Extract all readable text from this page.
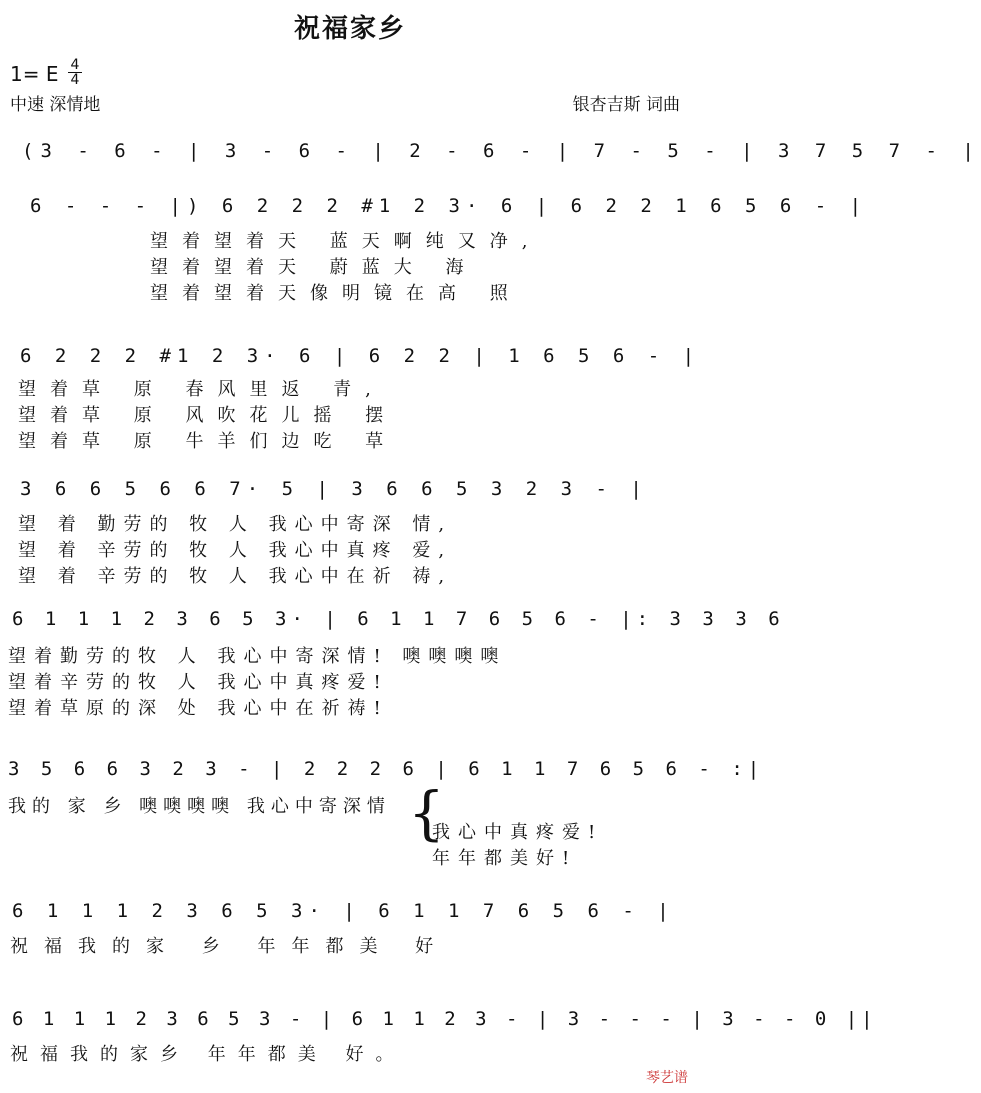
祝福家乡
1= E $\frac{4}{4}$
中速 深情地	银杏吉斯 词曲
(3 - 6 - | 3 - 6 - | 2 - 6 - | 7 - 5 - | 3 7 5 7 - |
6 - - - |) 6 2 2 2 #1 2 3· 6 | 6 2 2 1 6 5 6 - |
望着望着天 蓝天啊纯又净,
望着望着天 蔚蓝大 海
望着望着天像明镜在高 照
6 2 2 2 #1 2 3· 6 | 6 2 2 | 1 6 5 6 - |
望着草 原 春风里返 青,
望着草 原 风吹花儿摇 摆
望着草 原 牛羊们边吃 草
3 6 6 5 6 6 7· 5 | 3 6 6 5 3 2 3 - |
望 着 勤劳的 牧 人 我心中寄深 情,
望 着 辛劳的 牧 人 我心中真疼 爱,
望 着 辛劳的 牧 人 我心中在祈 祷,
6 1 1 1 2 3 6 5 3· | 6 1 1 7 6 5 6 - |: 3 3 3 6
望着勤劳的牧 人 我心中寄深情! 噢噢噢噢
望着辛劳的牧 人 我心中真疼爱!
望着草原的深 处 我心中在祈祷!
3 5 6 6 3 2 3 - | 2 2 2 6 | 6 1 1 7 6 5 6 - :|
我的 家 乡 噢噢噢噢 我心中寄深情 {
我心中真疼爱!
年年都美好!
6 1 1 1 2 3 6 5 3· | 6 1 1 7 6 5 6 - |
祝福我的家 乡 年年都美 好
6 1 1 1 2 3 6 5 3 - | 6 1 1 2 3 - | 3 - - - | 3 - - 0 ||
祝福我的家乡 年年都美 好。
琴艺谱
